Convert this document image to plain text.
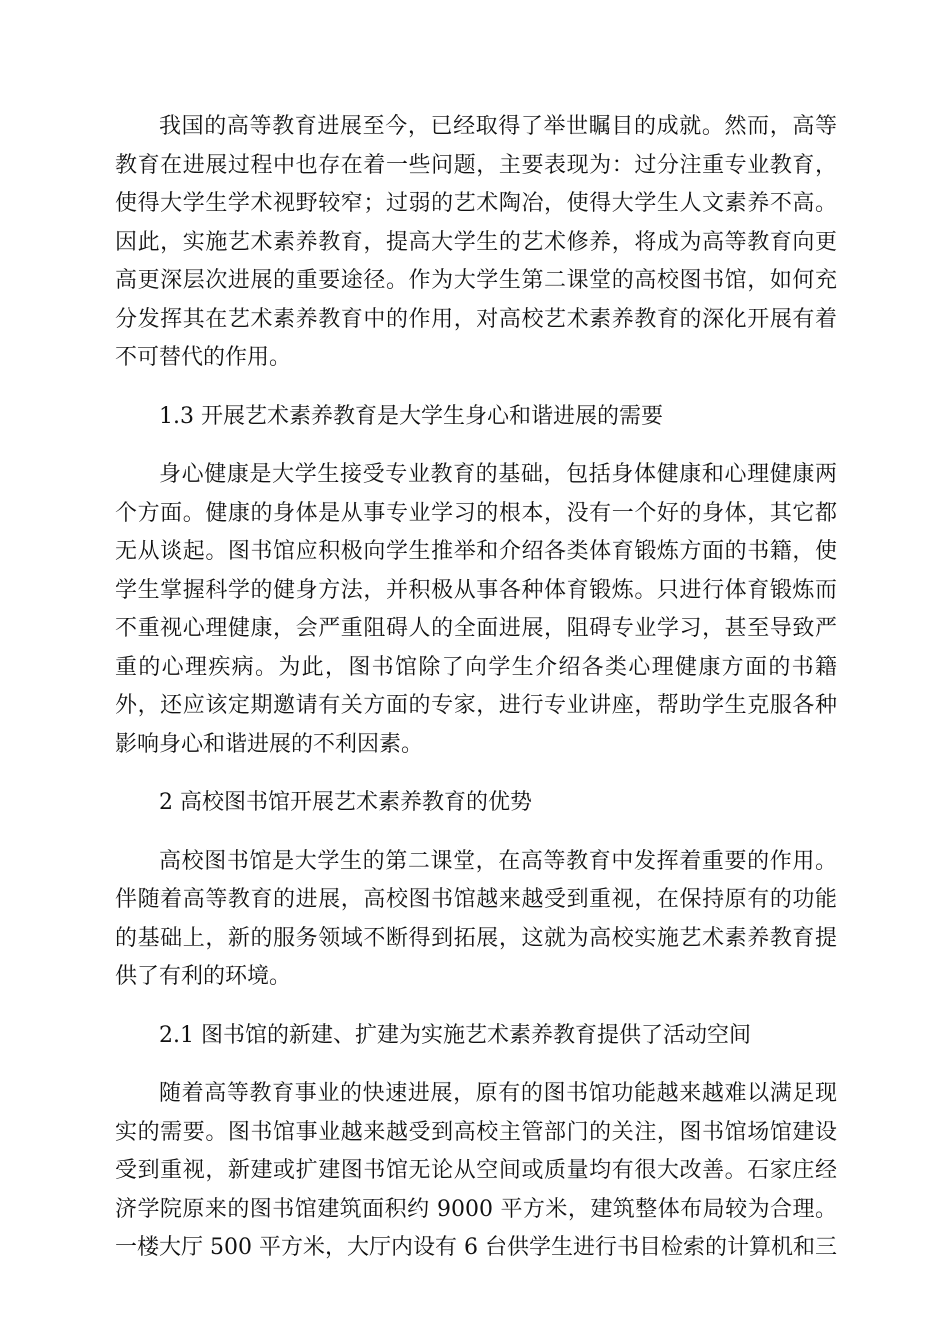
我国的高等教育进展至今，已经取得了举世瞩目的成就。然而，高等教育在进展过程中也存在着一些问题，主要表现为：过分注重专业教育，使得大学生学术视野较窄；过弱的艺术陶冶，使得大学生人文素养不高。因此，实施艺术素养教育，提高大学生的艺术修养，将成为高等教育向更高更深层次进展的重要途径。作为大学生第二课堂的高校图书馆，如何充分发挥其在艺术素养教育中的作用，对高校艺术素养教育的深化开展有着不可替代的作用。

1.3 开展艺术素养教育是大学生身心和谐进展的需要

身心健康是大学生接受专业教育的基础，包括身体健康和心理健康两个方面。健康的身体是从事专业学习的根本，没有一个好的身体，其它都无从谈起。图书馆应积极向学生推举和介绍各类体育锻炼方面的书籍，使学生掌握科学的健身方法，并积极从事各种体育锻炼。只进行体育锻炼而不重视心理健康，会严重阻碍人的全面进展，阻碍专业学习，甚至导致严重的心理疾病。为此，图书馆除了向学生介绍各类心理健康方面的书籍外，还应该定期邀请有关方面的专家，进行专业讲座，帮助学生克服各种影响身心和谐进展的不利因素。

2 高校图书馆开展艺术素养教育的优势

高校图书馆是大学生的第二课堂，在高等教育中发挥着重要的作用。伴随着高等教育的进展，高校图书馆越来越受到重视，在保持原有的功能的基础上，新的服务领域不断得到拓展，这就为高校实施艺术素养教育提供了有利的环境。

2.1 图书馆的新建、扩建为实施艺术素养教育提供了活动空间

随着高等教育事业的快速进展，原有的图书馆功能越来越难以满足现实的需要。图书馆事业越来越受到高校主管部门的关注，图书馆场馆建设受到重视，新建或扩建图书馆无论从空间或质量均有很大改善。石家庄经济学院原来的图书馆建筑面积约 9000 平方米，建筑整体布局较为合理。一楼大厅 500 平方米，大厅内设有 6 台供学生进行书目检索的计算机和三
